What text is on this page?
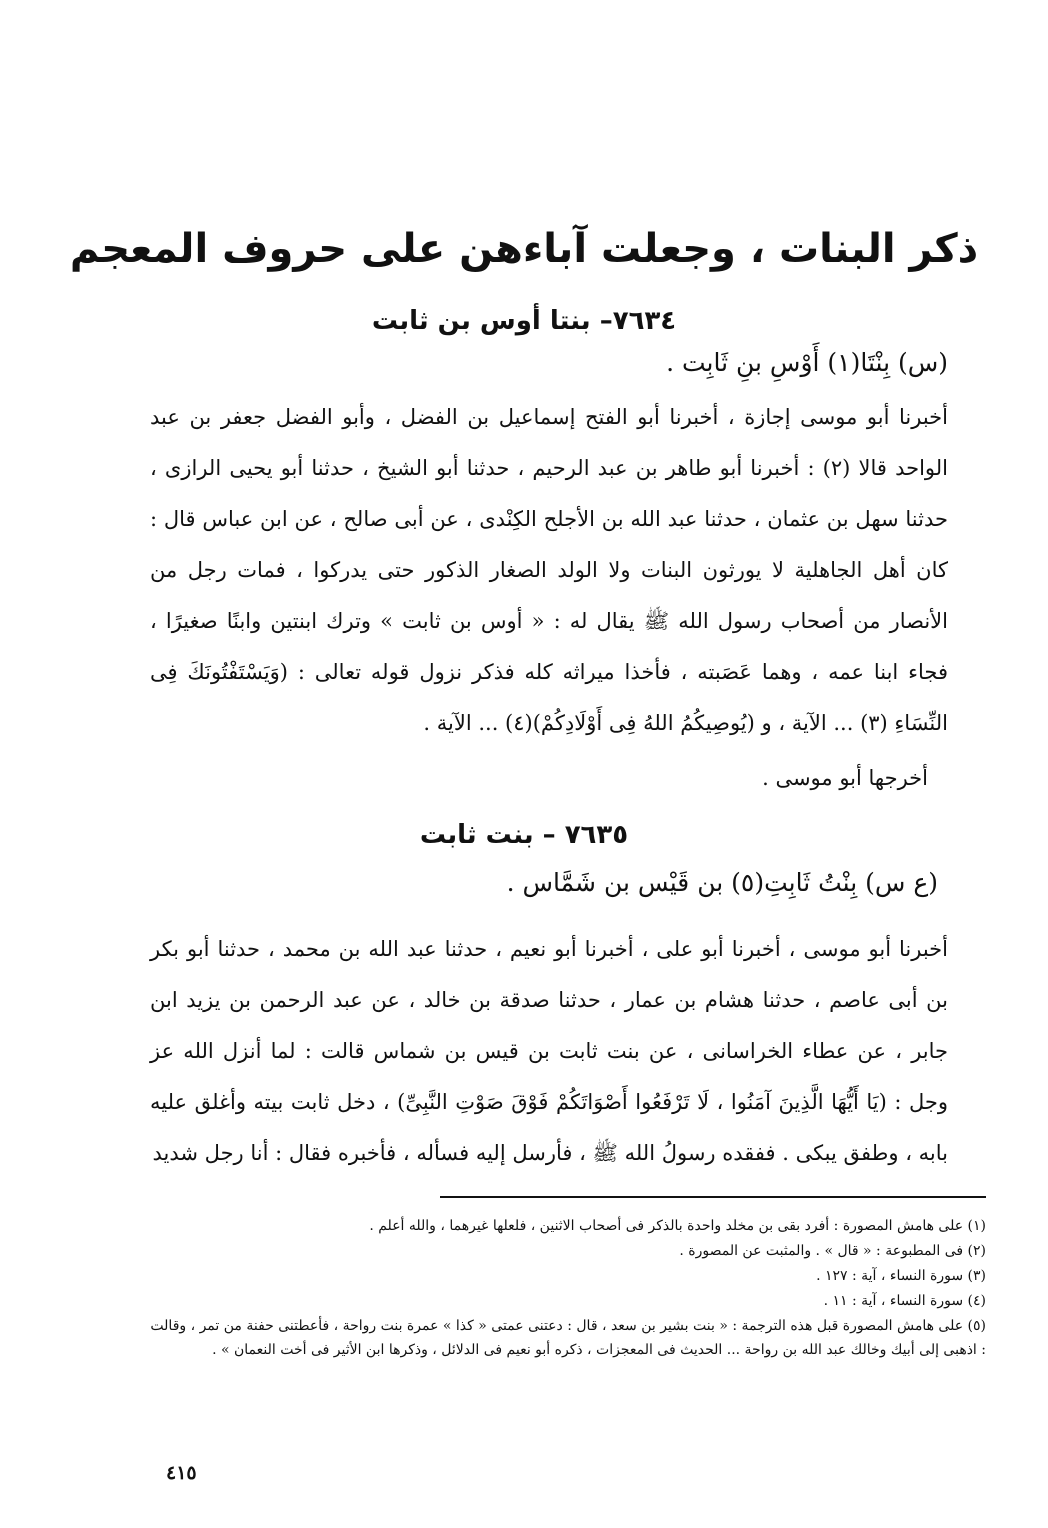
ذكر البنات ، وجعلت آباءهن على حروف المعجم
٧٦٣٤– بنتا أوس بن ثابت

(س) بِنْتَا(١) أَوْسِ بنِ ثَابِت .

أخبرنا أبو موسى إجازة ، أخبرنا أبو الفتح إسماعيل بن الفضل ، وأبو الفضل جعفر بن عبد الواحد قالا (٢) : أخبرنا أبو طاهر بن عبد الرحيم ، حدثنا أبو الشيخ ، حدثنا أبو يحيى الرازى ، حدثنا سهل بن عثمان ، حدثنا عبد الله بن الأجلح الكِنْدى ، عن أبى صالح ، عن ابن عباس قال : كان أهل الجاهلية لا يورثون البنات ولا الولد الصغار الذكور حتى يدركوا ، فمات رجل من الأنصار من أصحاب رسول الله ﷺ يقال له : « أوس بن ثابت » وترك ابنتين وابنًا صغيرًا ، فجاء ابنا عمه ، وهما عَصَبته ، فأخذا ميراثه كله فذكر نزول قوله تعالى : (وَيَسْتَفْتُونَكَ فِى النِّسَاءِ (٣) ... الآية ، و (يُوصِيكُمُ اللهُ فِى أَوْلَادِكُمْ)(٤) ... الآية .

أخرجها أبو موسى .

٧٦٣٥ – بنت ثابت

(ع س) بِنْتُ ثَابِتِ(٥) بن قَيْس بن شَمَّاس .

أخبرنا أبو موسى ، أخبرنا أبو على ، أخبرنا أبو نعيم ، حدثنا عبد الله بن محمد ، حدثنا أبو بكر بن أبى عاصم ، حدثنا هشام بن عمار ، حدثنا صدقة بن خالد ، عن عبد الرحمن بن يزيد ابن جابر ، عن عطاء الخراسانى ، عن بنت ثابت بن قيس بن شماس قالت : لما أنزل الله عز وجل : (يَا أَيُّهَا الَّذِينَ آمَنُوا ، لَا تَرْفَعُوا أَصْوَاتَكُمْ فَوْقَ صَوْتِ النَّبِىِّ) ، دخل ثابت بيته وأغلق عليه بابه ، وطفق يبكى . ففقده رسولُ الله ﷺ ، فأرسل إليه فسأله ، فأخبره فقال : أنا رجل شديد

(١) على هامش المصورة : أفرد بقى بن مخلد واحدة بالذكر فى أصحاب الاثنين ، فلعلها غيرهما ، والله أعلم .
(٢) فى المطبوعة : « قال » . والمثبت عن المصورة .
(٣) سورة النساء ، آية : ١٢٧ .
(٤) سورة النساء ، آية : ١١ .
(٥) على هامش المصورة قبل هذه الترجمة : « بنت بشير بن سعد ، قال : دعتنى عمتى « كذا » عمرة بنت رواحة ، فأعطتنى حفنة من تمر ، وقالت : اذهبى إلى أبيك وخالك عبد الله بن رواحة ... الحديث فى المعجزات ، ذكره أبو نعيم فى الدلائل ، وذكرها ابن الأثير فى أخت النعمان » .
٤١٥
